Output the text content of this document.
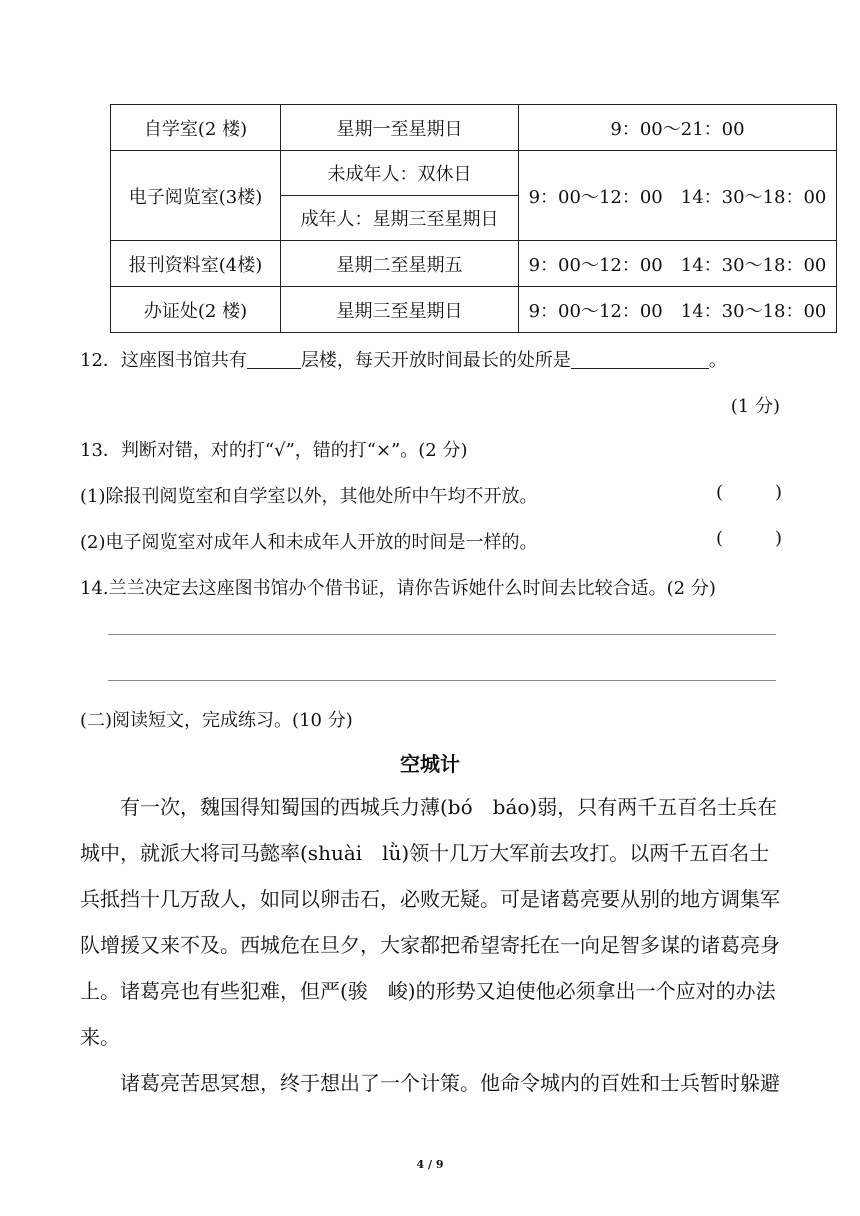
自学室(2 楼)	星期一至星期日	9：00～21：00
电子阅览室(3楼)	未成年人：双休日	9：00～12：00　14：30～18：00
	成年人：星期三至星期日	
报刊资料室(4楼)	星期二至星期五	9：00～12：00　14：30～18：00
办证处(2 楼)	星期三至星期日	9：00～12：00　14：30～18：00
12．这座图书馆共有	层楼，每天开放时间最长的处所是	。
(1 分)
13．判断对错，对的打“√”，错的打“×”。(2 分)
(1)除报刊阅览室和自学室以外，其他处所中午均不开放。	(	)
(2)电子阅览室对成年人和未成年人开放的时间是一样的。	(	)
14.兰兰决定去这座图书馆办个借书证，请你告诉她什么时间去比较合适。(2 分)
(二)阅读短文，完成练习。(10 分)
空城计

有一次，魏国得知蜀国的西城兵力薄(bó　báo)弱，只有两千五百名士兵在城中，就派大将司马懿率(shuài　lǜ)领十几万大军前去攻打。以两千五百名士兵抵挡十几万敌人，如同以卵击石，必败无疑。可是诸葛亮要从别的地方调集军队增援又来不及。西城危在旦夕，大家都把希望寄托在一向足智多谋的诸葛亮身上。诸葛亮也有些犯难，但严(骏　峻)的形势又迫使他必须拿出一个应对的办法来。

诸葛亮苦思冥想，终于想出了一个计策。他命令城内的百姓和士兵暂时躲避

4 / 9
